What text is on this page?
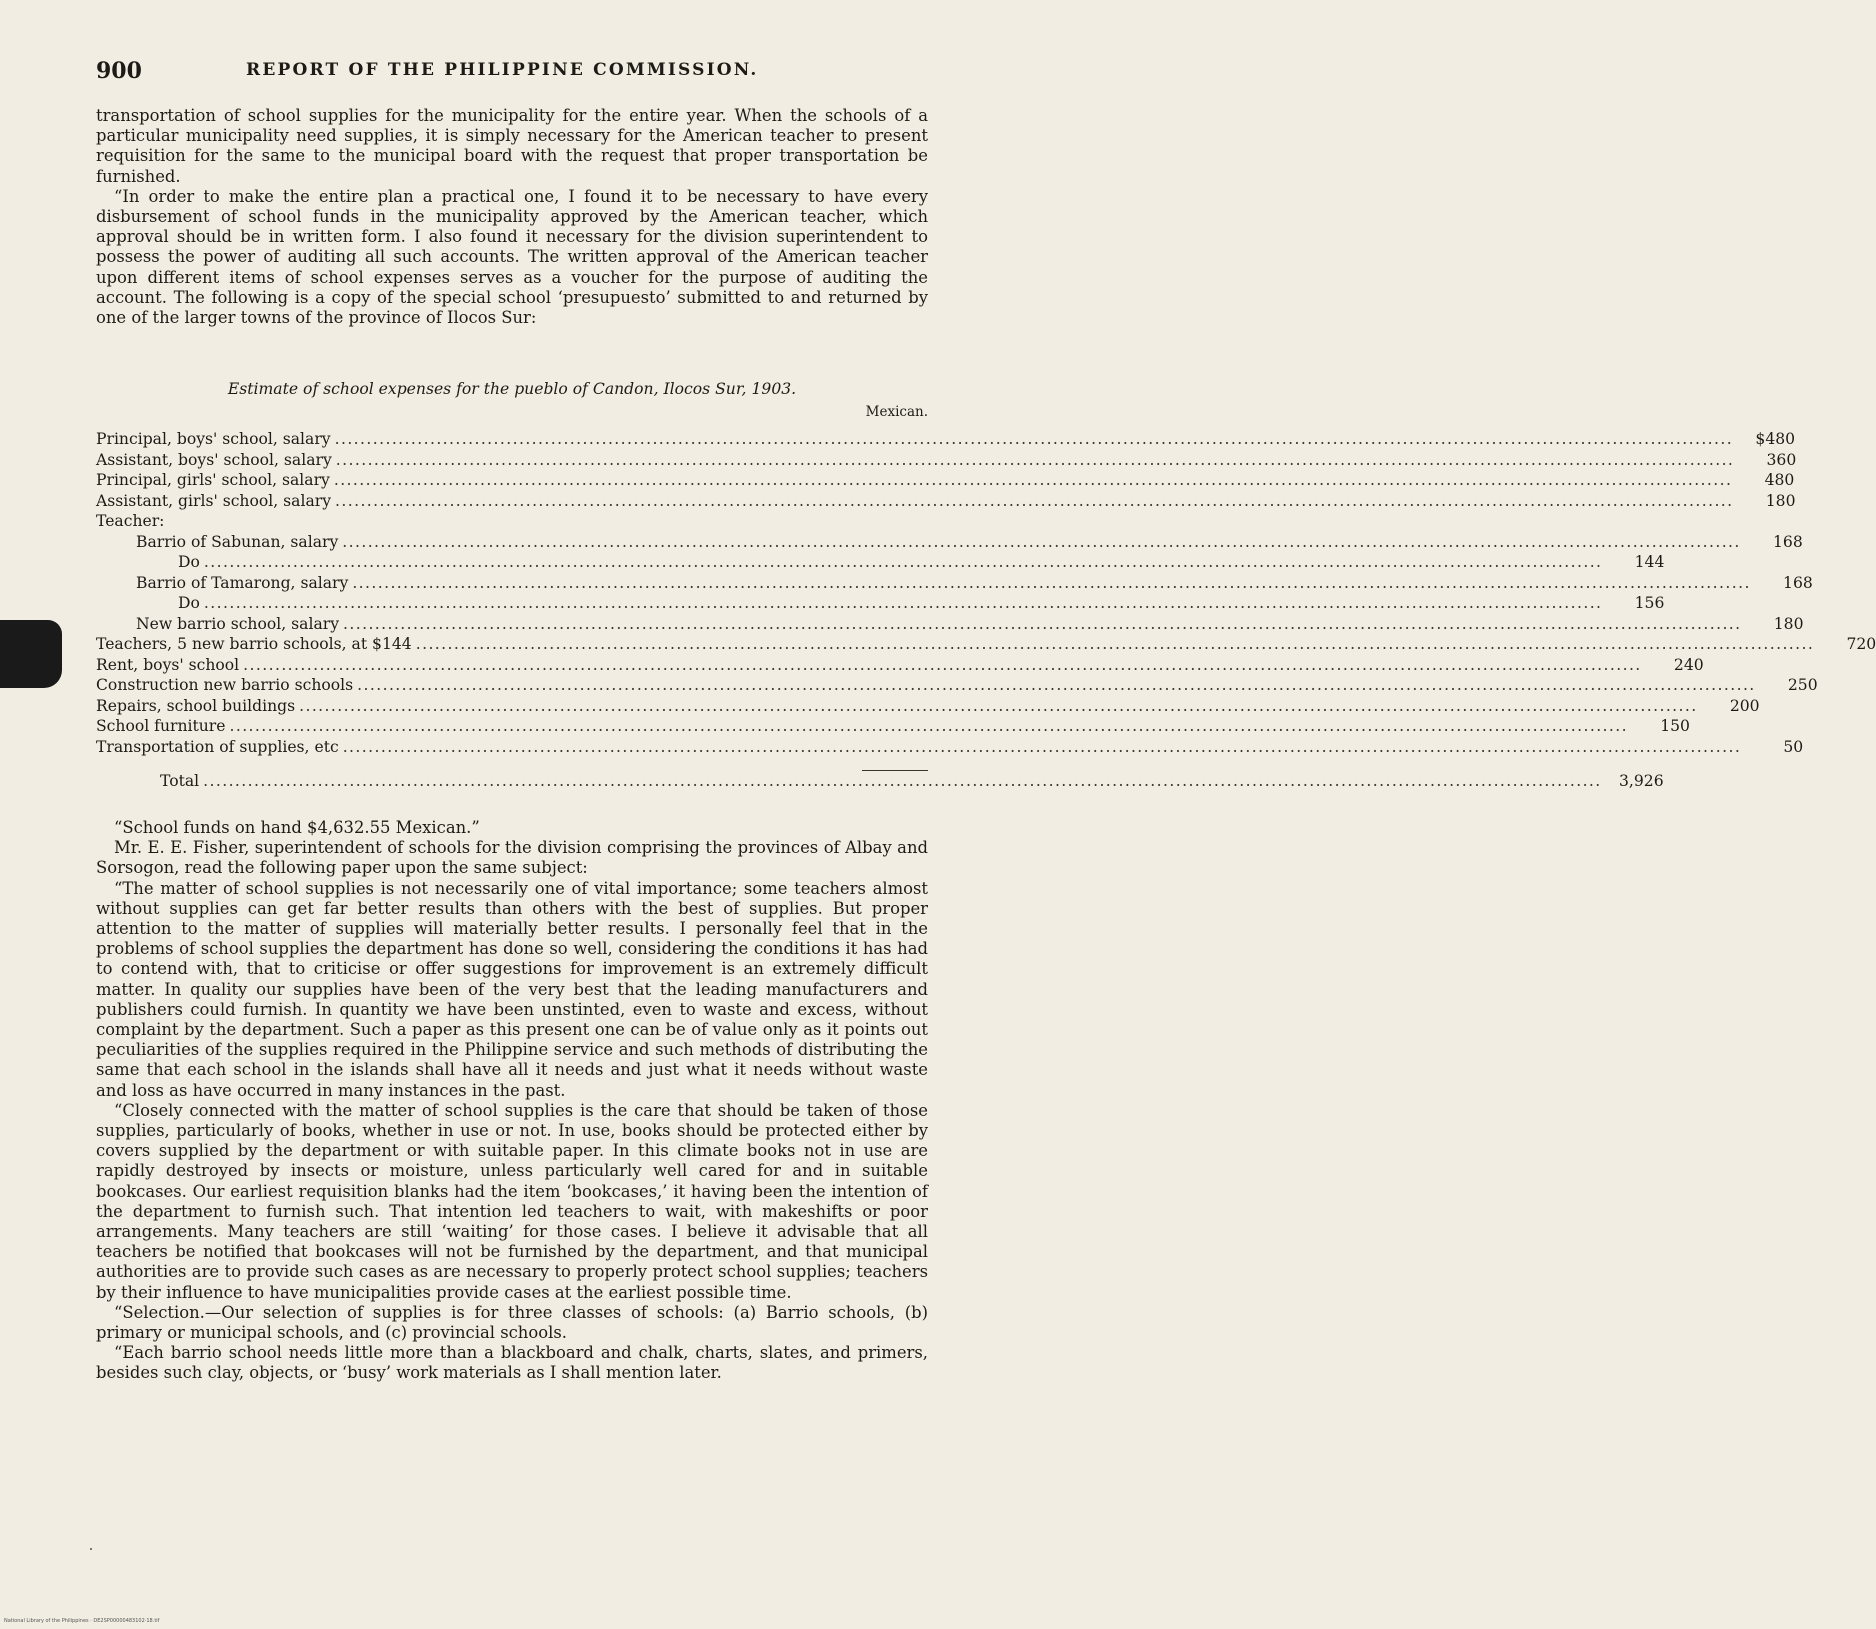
900	REPORT OF THE PHILIPPINE COMMISSION.

transportation of school supplies for the municipality for the entire year. When the schools of a particular municipality need supplies, it is simply necessary for the American teacher to present requisition for the same to the municipal board with the request that proper transportation be furnished.

“In order to make the entire plan a practical one, I found it to be necessary to have every disbursement of school funds in the municipality approved by the American teacher, which approval should be in written form. I also found it necessary for the division superintendent to possess the power of auditing all such accounts. The written approval of the American teacher upon different items of school expenses serves as a voucher for the purpose of auditing the account. The following is a copy of the special school ‘presupuesto’ submitted to and returned by one of the larger towns of the province of Ilocos Sur:

Estimate of school expenses for the pueblo of Candon, Ilocos Sur, 1903.
Mexican.
Principal, boys' school, salary ............................................................................................................................................................................................................................	$480
Assistant, boys' school, salary ............................................................................................................................................................................................................................	360
Principal, girls' school, salary ............................................................................................................................................................................................................................	480
Assistant, girls' school, salary ............................................................................................................................................................................................................................	180
Teacher:
Barrio of Sabunan, salary ............................................................................................................................................................................................................................	168
Do ............................................................................................................................................................................................................................	144
Barrio of Tamarong, salary ............................................................................................................................................................................................................................	168
Do ............................................................................................................................................................................................................................	156
New barrio school, salary ............................................................................................................................................................................................................................	180
Teachers, 5 new barrio schools, at $144 ............................................................................................................................................................................................................................	720
Rent, boys' school ............................................................................................................................................................................................................................	240
Construction new barrio schools ............................................................................................................................................................................................................................	250
Repairs, school buildings ............................................................................................................................................................................................................................	200
School furniture ............................................................................................................................................................................................................................	150
Transportation of supplies, etc ............................................................................................................................................................................................................................	50
Total ............................................................................................................................................................................................................................	3,926

“School funds on hand $4,632.55 Mexican.”

Mr. E. E. Fisher, superintendent of schools for the division comprising the provinces of Albay and Sorsogon, read the following paper upon the same subject:

“The matter of school supplies is not necessarily one of vital importance; some teachers almost without supplies can get far better results than others with the best of supplies. But proper attention to the matter of supplies will materially better results. I personally feel that in the problems of school supplies the department has done so well, considering the conditions it has had to contend with, that to criticise or offer suggestions for improvement is an extremely difficult matter. In quality our supplies have been of the very best that the leading manufacturers and publishers could furnish. In quantity we have been unstinted, even to waste and excess, without complaint by the department. Such a paper as this present one can be of value only as it points out peculiarities of the supplies required in the Philippine service and such methods of distributing the same that each school in the islands shall have all it needs and just what it needs without waste and loss as have occurred in many instances in the past.

“Closely connected with the matter of school supplies is the care that should be taken of those supplies, particularly of books, whether in use or not. In use, books should be protected either by covers supplied by the department or with suitable paper. In this climate books not in use are rapidly destroyed by insects or moisture, unless particularly well cared for and in suitable bookcases. Our earliest requisition blanks had the item ‘bookcases,’ it having been the intention of the department to furnish such. That intention led teachers to wait, with makeshifts or poor arrangements. Many teachers are still ‘waiting’ for those cases. I believe it advisable that all teachers be notified that bookcases will not be furnished by the department, and that municipal authorities are to provide such cases as are necessary to properly protect school supplies; teachers by their influence to have municipalities provide cases at the earliest possible time.

“Selection.—Our selection of supplies is for three classes of schools: (a) Barrio schools, (b) primary or municipal schools, and (c) provincial schools.

“Each barrio school needs little more than a blackboard and chalk, charts, slates, and primers, besides such clay, objects, or ‘busy’ work materials as I shall mention later.

National Library of the Philippines · DE2SP00000483102·18.tif
